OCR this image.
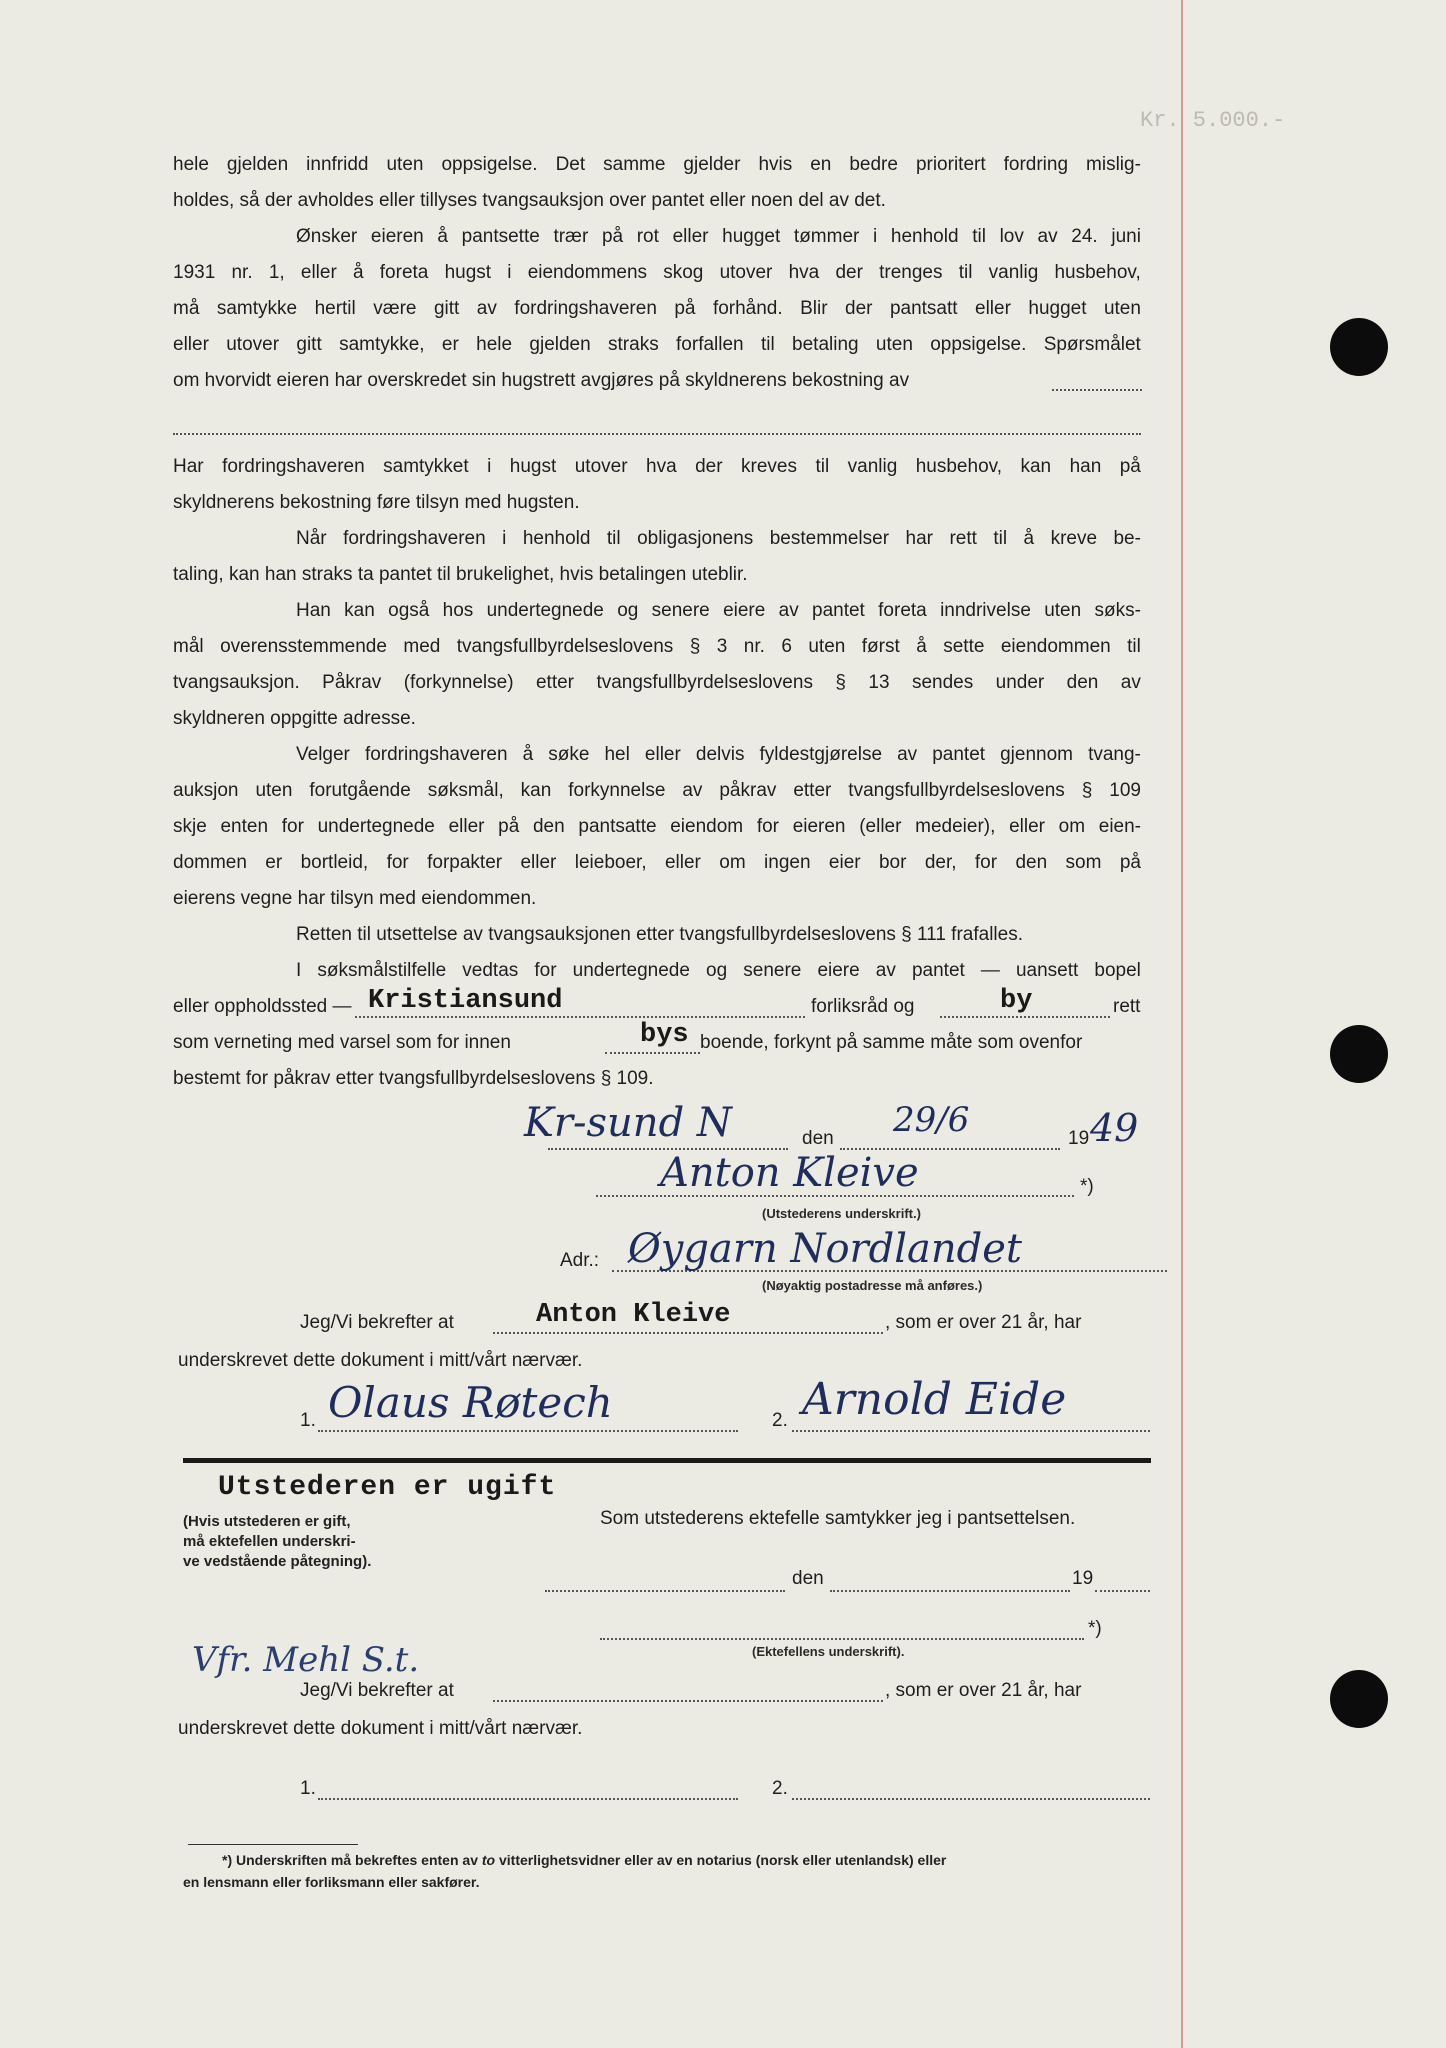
Kr. 5.000.-
hele gjelden innfridd uten oppsigelse. Det samme gjelder hvis en bedre prioritert fordring mislig-
holdes, så der avholdes eller tillyses tvangsauksjon over pantet eller noen del av det.
Ønsker eieren å pantsette trær på rot eller hugget tømmer i henhold til lov av 24. juni
1931 nr. 1, eller å foreta hugst i eiendommens skog utover hva der trenges til vanlig husbehov,
må samtykke hertil være gitt av fordringshaveren på forhånd. Blir der pantsatt eller hugget uten
eller utover gitt samtykke, er hele gjelden straks forfallen til betaling uten oppsigelse. Spørsmålet
om hvorvidt eieren har overskredet sin hugstrett avgjøres på skyldnerens bekostning av
Har fordringshaveren samtykket i hugst utover hva der kreves til vanlig husbehov, kan han på
skyldnerens bekostning føre tilsyn med hugsten.
Når fordringshaveren i henhold til obligasjonens bestemmelser har rett til å kreve be-
taling, kan han straks ta pantet til brukelighet, hvis betalingen uteblir.
Han kan også hos undertegnede og senere eiere av pantet foreta inndrivelse uten søks-
mål overensstemmende med tvangsfullbyrdelseslovens § 3 nr. 6 uten først å sette eiendommen til
tvangsauksjon. Påkrav (forkynnelse) etter tvangsfullbyrdelseslovens § 13 sendes under den av
skyldneren oppgitte adresse.
Velger fordringshaveren å søke hel eller delvis fyldestgjørelse av pantet gjennom tvang-
auksjon uten forutgående søksmål, kan forkynnelse av påkrav etter tvangsfullbyrdelseslovens § 109
skje enten for undertegnede eller på den pantsatte eiendom for eieren (eller medeier), eller om eien-
dommen er bortleid, for forpakter eller leieboer, eller om ingen eier bor der, for den som på
eierens vegne har tilsyn med eiendommen.
Retten til utsettelse av tvangsauksjonen etter tvangsfullbyrdelseslovens § 111 frafalles.
I søksmålstilfelle vedtas for undertegnede og senere eiere av pantet — uansett bopel
eller oppholdssted — Kristiansund	forliksråd og	by	rett
som verneting med varsel som for innen	bys boende, forkynt på samme måte som ovenfor
bestemt for påkrav etter tvangsfullbyrdelseslovens § 109.
Kr-sund N	den 29/6	19 49
Anton Kleive	*)
(Utstederens underskrift.)
Adr.: Øygarn Nordlandet
(Nøyaktig postadresse må anføres.)
Jeg/Vi bekrefter at	Anton Kleive	, som er over 21 år, har
underskrevet dette dokument i mitt/vårt nærvær.
1. Olaus Røtech	2. Arnold Eide
Utstederen er ugift
(Hvis utstederen er gift,
må ektefellen underskri-
ve vedstående påtegning).
Som utstederens ektefelle samtykker jeg i pantsettelsen.
den	19
*)
(Ektefellens underskrift).
Vfr. Mehl S.t.
Jeg/Vi bekrefter at	, som er over 21 år, har
underskrevet dette dokument i mitt/vårt nærvær.
1.	2.
*) Underskriften må bekreftes enten av to vitterlighetsvidner eller av en notarius (norsk eller utenlandsk) eller
en lensmann eller forliksmann eller sakfører.
